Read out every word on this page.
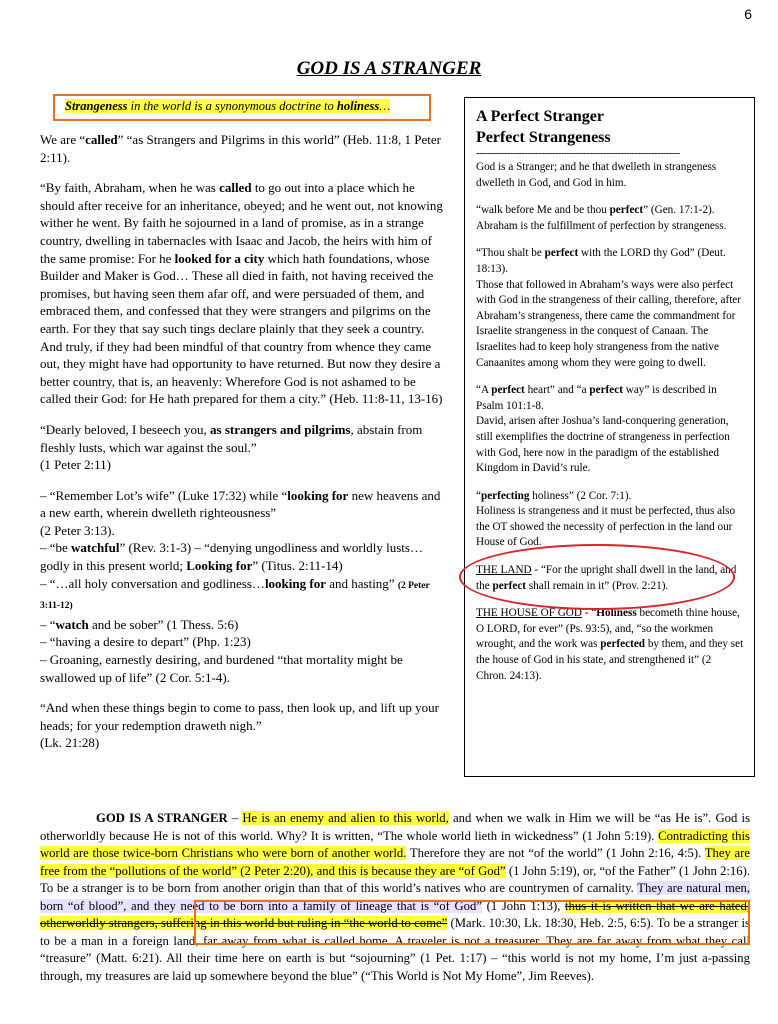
6
GOD IS A STRANGER
Strangeness in the world is a synonymous doctrine to holiness…

We are “called” “as Strangers and Pilgrims in this world” (Heb. 11:8, 1 Peter 2:11).

“By faith, Abraham, when he was called to go out into a place which he should after receive for an inheritance, obeyed; and he went out, not knowing wither he went. By faith he sojourned in a land of promise, as in a strange country, dwelling in tabernacles with Isaac and Jacob, the heirs with him of the same promise: For he looked for a city which hath foundations, whose Builder and Maker is God… These all died in faith, not having received the promises, but having seen them afar off, and were persuaded of them, and embraced them, and confessed that they were strangers and pilgrims on the earth. For they that say such tings declare plainly that they seek a country. And truly, if they had been mindful of that country from whence they came out, they might have had opportunity to have returned. But now they desire a better country, that is, an heavenly: Wherefore God is not ashamed to be called their God: for He hath prepared for them a city.” (Heb. 11:8-11, 13-16)

“Dearly beloved, I beseech you, as strangers and pilgrims, abstain from fleshly lusts, which war against the soul.”
(1 Peter 2:11)

– “Remember Lot’s wife” (Luke 17:32) while “looking for new heavens and a new earth, wherein dwelleth righteousness”
(2 Peter 3:13).
– “be watchful” (Rev. 3:1-3) – “denying ungodliness and worldly lusts…godly in this present world; Looking for” (Titus. 2:11-14)
– “…all holy conversation and godliness…looking for and hasting” (2 Peter 3:11-12)
– “watch and be sober” (1 Thess. 5:6)
– “having a desire to depart” (Php. 1:23)
– Groaning, earnestly desiring, and burdened “that mortality might be swallowed up of life” (2 Cor. 5:1-4).

“And when these things begin to come to pass, then look up, and lift up your heads; for your redemption draweth nigh.”
(Lk. 21:28)

A Perfect Stranger
Perfect Strangeness
------------------------------------------------------------------------

God is a Stranger; and he that dwelleth in strangeness dwelleth in God, and God in him.

“walk before Me and be thou perfect” (Gen. 17:1-2). Abraham is the fulfillment of perfection by strangeness.

“Thou shalt be perfect with the LORD thy God” (Deut. 18:13).
Those that followed in Abraham’s ways were also perfect with God in the strangeness of their calling, therefore, after Abraham’s strangeness, there came the commandment for Israelite strangeness in the conquest of Canaan. The Israelites had to keep holy strangeness from the native Canaanites among whom they were going to dwell.

“A perfect heart” and “a perfect way” is described in Psalm 101:1-8.
David, arisen after Joshua’s land-conquering generation, still exemplifies the doctrine of strangeness in perfection with God, here now in the paradigm of the established Kingdom in David’s rule.

“perfecting holiness” (2 Cor. 7:1).
Holiness is strangeness and it must be perfected, thus also the OT showed the necessity of perfection in the land our House of God.

THE LAND - “For the upright shall dwell in the land, and the perfect shall remain in it” (Prov. 2:21).

THE HOUSE OF GOD - “Holiness becometh thine house, O LORD, for ever” (Ps. 93:5), and, “so the workmen wrought, and the work was perfected by them, and they set the house of God in his state, and strengthened it” (2 Chron. 24:13).

GOD IS A STRANGER – He is an enemy and alien to this world, and when we walk in Him we will be “as He is”. God is otherworldly because He is not of this world. Why? It is written, “The whole world lieth in wickedness” (1 John 5:19). Contradicting this world are those twice-born Christians who were born of another world. Therefore they are not “of the world” (1 John 2:16, 4:5). They are free from the “pollutions of the world” (2 Peter 2:20), and this is because they are “of God” (1 John 5:19), or, “of the Father” (1 John 2:16). To be a stranger is to be born from another origin than that of this world’s natives who are countrymen of carnality. They are natural men, born “of blood”, and they need to be born into a family of lineage that is “of God” (1 John 1:13), thus it is written that we are hated, otherworldly strangers, suffering in this world but ruling in “the world to come” (Mark. 10:30, Lk. 18:30, Heb. 2:5, 6:5). To be a stranger is to be a man in a foreign land, far away from what is called home. A traveler is not a treasurer. They are far away from what they call “treasure” (Matt. 6:21). All their time here on earth is but “sojourning” (1 Pet. 1:17) – “this world is not my home, I’m just a-passing through, my treasures are laid up somewhere beyond the blue” (“This World is Not My Home”, Jim Reeves).
